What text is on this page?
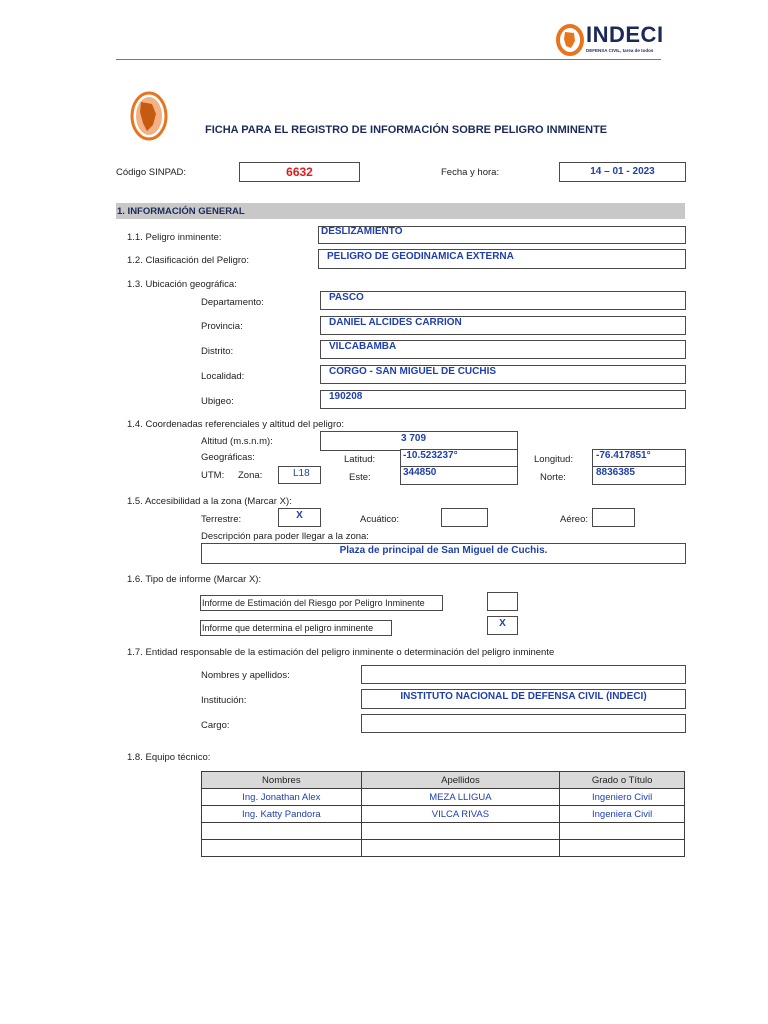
INDECI
DEFENSA CIVIL, tarea de todos
FICHA PARA EL REGISTRO DE INFORMACIÓN SOBRE PELIGRO INMINENTE
Código SINPAD:	6632	Fecha y hora:	14 – 01 - 2023
1. INFORMACIÓN GENERAL
1.1. Peligro inminente:
DESLIZAMIENTO
1.2. Clasificación del Peligro:	PELIGRO DE GEODINAMICA EXTERNA
1.3. Ubicación geográfica:
Departamento:	PASCO
Provincia:	DANIEL ALCIDES CARRION
Distrito:	VILCABAMBA
Localidad:	CORGO - SAN MIGUEL DE CUCHIS
Ubigeo:	190208
1.4. Coordenadas referenciales y altitud del peligro:
Altitud (m.s.n.m):	3 709
Geográficas:	Latitud:	-10.523237°	Longitud: -76.417851°
UTM: Zona:	L18	Este:	344850	Norte:	8836385
1.5. Accesibilidad a la zona (Marcar X):
Terrestre:	X	Acuático:	Aéreo:
Descripción para poder llegar a la zona:
Plaza de principal de San Miguel de Cuchis.
1.6. Tipo de informe (Marcar X):
Informe de Estimación del Riesgo por Peligro Inminente
Informe que determina el peligro inminente	X
1.7. Entidad responsable de la estimación del peligro inminente o determinación del peligro inminente
Nombres y apellidos:
Institución:	INSTITUTO NACIONAL DE DEFENSA CIVIL (INDECI)
Cargo:
1.8. Equipo técnico:
Nombres	Apellidos	Grado o Título
Ing. Jonathan Alex	MEZA LLIGUA	Ingeniero Civil
Ing. Katty Pandora	VILCA RIVAS	Ingeniera Civil
